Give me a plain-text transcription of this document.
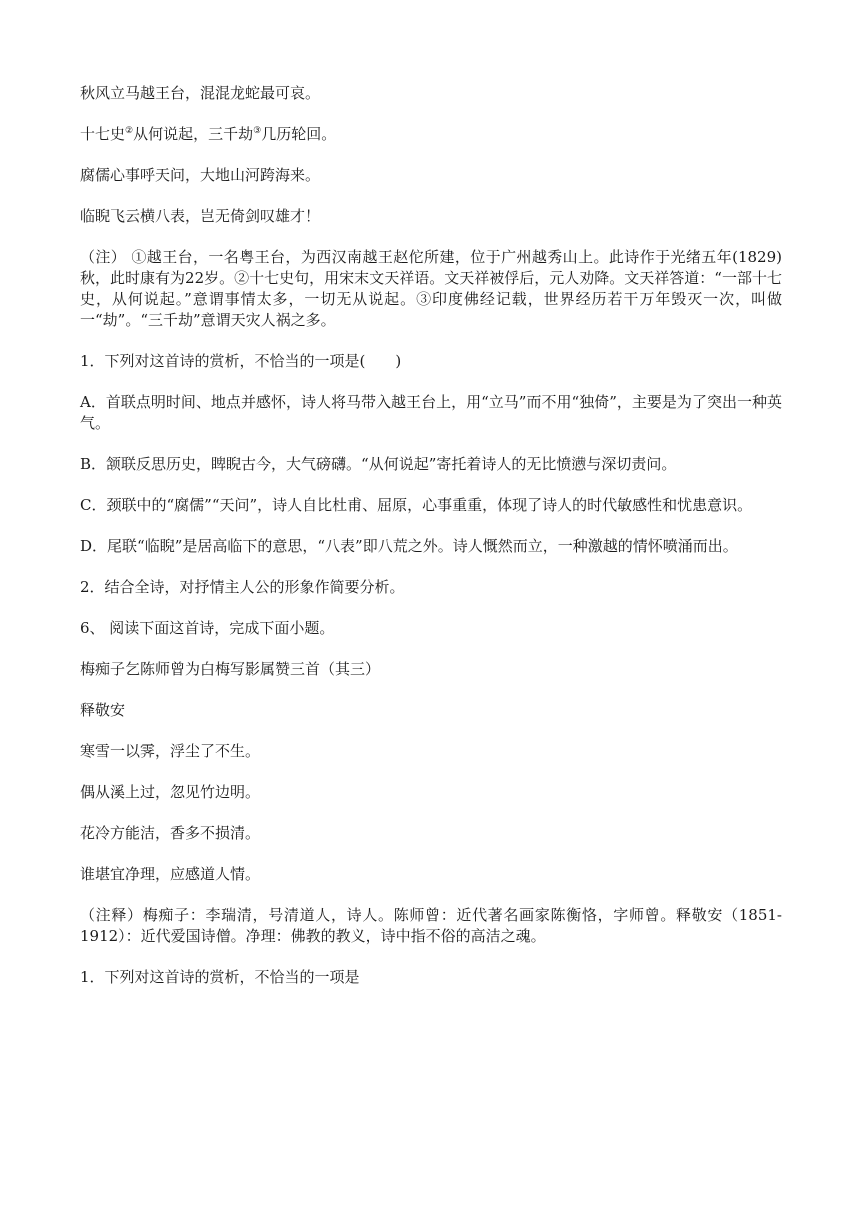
秋风立马越王台，混混龙蛇最可哀。

十七史②从何说起，三千劫③几历轮回。

腐儒心事呼天问，大地山河跨海来。

临睨飞云横八表，岂无倚剑叹雄才！

（注） ①越王台，一名粤王台，为西汉南越王赵佗所建，位于广州越秀山上。此诗作于光绪五年(1829)秋，此时康有为22岁。②十七史句，用宋末文天祥语。文天祥被俘后，元人劝降。文天祥答道：“一部十七史，从何说起。”意谓事情太多，一切无从说起。③印度佛经记载，世界经历若干万年毁灭一次，叫做一“劫”。“三千劫”意谓天灾人祸之多。

1．下列对这首诗的赏析，不恰当的一项是(　　)

A．首联点明时间、地点并感怀，诗人将马带入越王台上，用“立马”而不用“独倚”，主要是为了突出一种英气。

B．颔联反思历史，睥睨古今，大气磅礴。“从何说起”寄托着诗人的无比愤懑与深切责问。

C．颈联中的“腐儒”“天问”，诗人自比杜甫、屈原，心事重重，体现了诗人的时代敏感性和忧患意识。

D．尾联“临睨”是居高临下的意思，“八表”即八荒之外。诗人慨然而立，一种激越的情怀喷涌而出。

2．结合全诗，对抒情主人公的形象作简要分析。

6、 阅读下面这首诗，完成下面小题。

梅痴子乞陈师曾为白梅写影属赞三首（其三）

释敬安

寒雪一以霁，浮尘了不生。

偶从溪上过，忽见竹边明。

花冷方能洁，香多不损清。

谁堪宜净理，应感道人情。

（注释）梅痴子：李瑞清，号清道人，诗人。陈师曾：近代著名画家陈衡恪，字师曾。释敬安（1851-1912）：近代爱国诗僧。净理：佛教的教义，诗中指不俗的高洁之魂。

1．下列对这首诗的赏析，不恰当的一项是
